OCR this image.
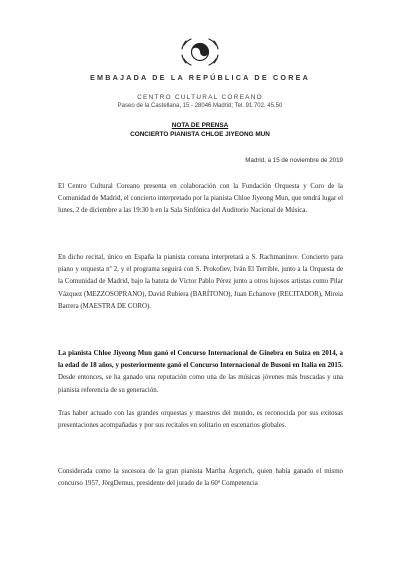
EMBAJADA DE LA REPÚBLICA DE COREA
CENTRO CULTURAL COREANO
Paseo de la Castellana, 15 - 28046 Madrid; Tel. 91.702. 45.50
NOTA DE PRENSA
CONCIERTO PIANISTA CHLOE JIYEONG MUN
Madrid, a 15 de noviembre de 2019

El Centro Cultural Coreano presenta en colaboración con la Fundación Orquesta y Coro de la Comunidad de Madrid, el concierto interpretado por la pianista Chloe Jiyeong Mun, que tendrá lugar el lunes, 2 de diciembre a las 19:30 h en la Sala Sinfónica del Auditorio Nacional de Música.

En dicho recital, único en España la pianista coreana interpretará a S. Rachmaninov. Concierto para piano y orquesta nº 2, y el programa seguirá con S. Prokofiev, Iván El Terrible, junto a la Orquesta de la Comunidad de Madrid, bajo la batuta de Víctor Pablo Pérez junto a otros lujosos artistas como Pilar Vázquez (MEZZOSOPRANO), David Rubiera (BARÍTONO), Juan Echanove (RECITADOR), Mireia Barrera (MAESTRA DE CORO).

La pianista Chloe Jiyeong Mun ganó el Concurso Internacional de Ginebra en Suiza en 2014, a la edad de 18 años, y posteriormente ganó el Concurso Internacional de Busoni en Italia en 2015. Desde entonces, se ha ganado una reputación como una de las músicas jóvenes más buscadas y una pianista referencia de su generación.

Tras haber actuado con las grandes orquestas y maestros del mundo, es reconocida por sus exitosas presentaciones acompañadas y por sus recitales en solitario en escenarios globales.

Considerada como la sucesora de la gran pianista Martha Argerich, quien había ganado el mismo concurso 1957, JörgDemus, presidente del jurado de la 60ª Competencia
